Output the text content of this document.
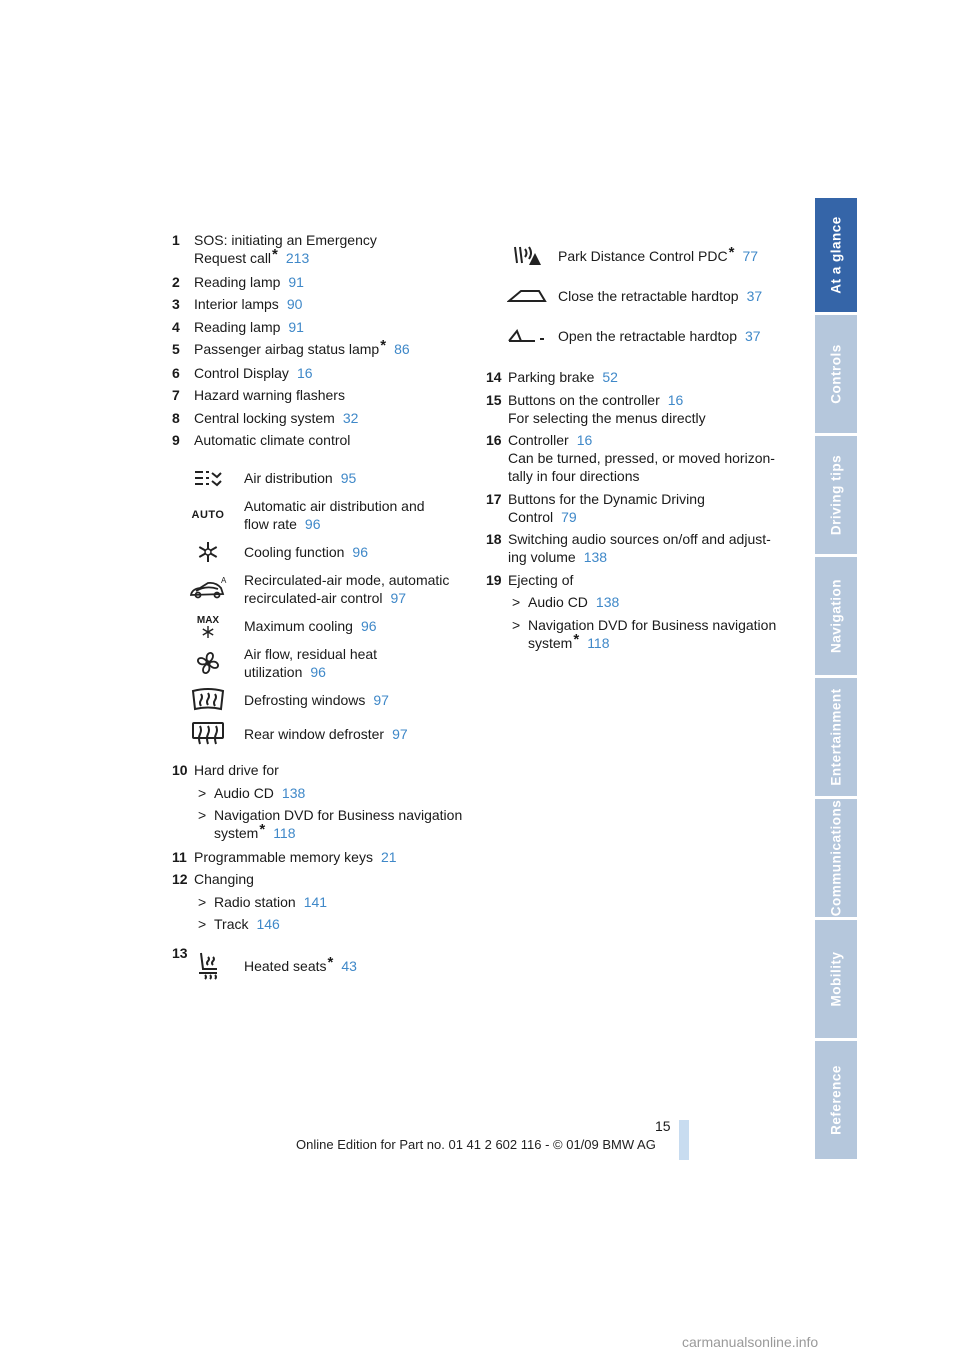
1 SOS: initiating an Emergency
Request call* 213
2 Reading lamp 91
3 Interior lamps 90
4 Reading lamp 91
5 Passenger airbag status lamp* 86
6 Control Display 16
7 Hazard warning flashers
8 Central locking system 32
9 Automatic climate control
Air distribution 95
AUTO
Automatic air distribution and
flow rate 96
Cooling function 96
A Recirculated-air mode, automatic
recirculated-air control 97
MAX Maximum cooling 96
Air flow, residual heat
utilization 96
Defrosting windows 97
Rear window defroster 97
10 Hard drive for
> Audio CD 138
> Navigation DVD for Business navigation
system* 118
11 Programmable memory keys 21
12 Changing
> Radio station 141
> Track 146
13
Heated seats* 43
Park Distance Control PDC* 77
Close the retractable hardtop 37
Open the retractable hardtop 37
14 Parking brake 52
15 Buttons on the controller 16
For selecting the menus directly
16 Controller 16
Can be turned, pressed, or moved horizon-
tally in four directions
17 Buttons for the Dynamic Driving
Control 79
18 Switching audio sources on/off and adjust-
ing volume 138
19 Ejecting of
> Audio CD 138
> Navigation DVD for Business navigation
system* 118
At a glance
Controls
Driving tips
Navigation
Entertainment
Communications
Mobility
Reference
15
Online Edition for Part no. 01 41 2 602 116 - © 01/09 BMW AG
carmanualsonline.info
